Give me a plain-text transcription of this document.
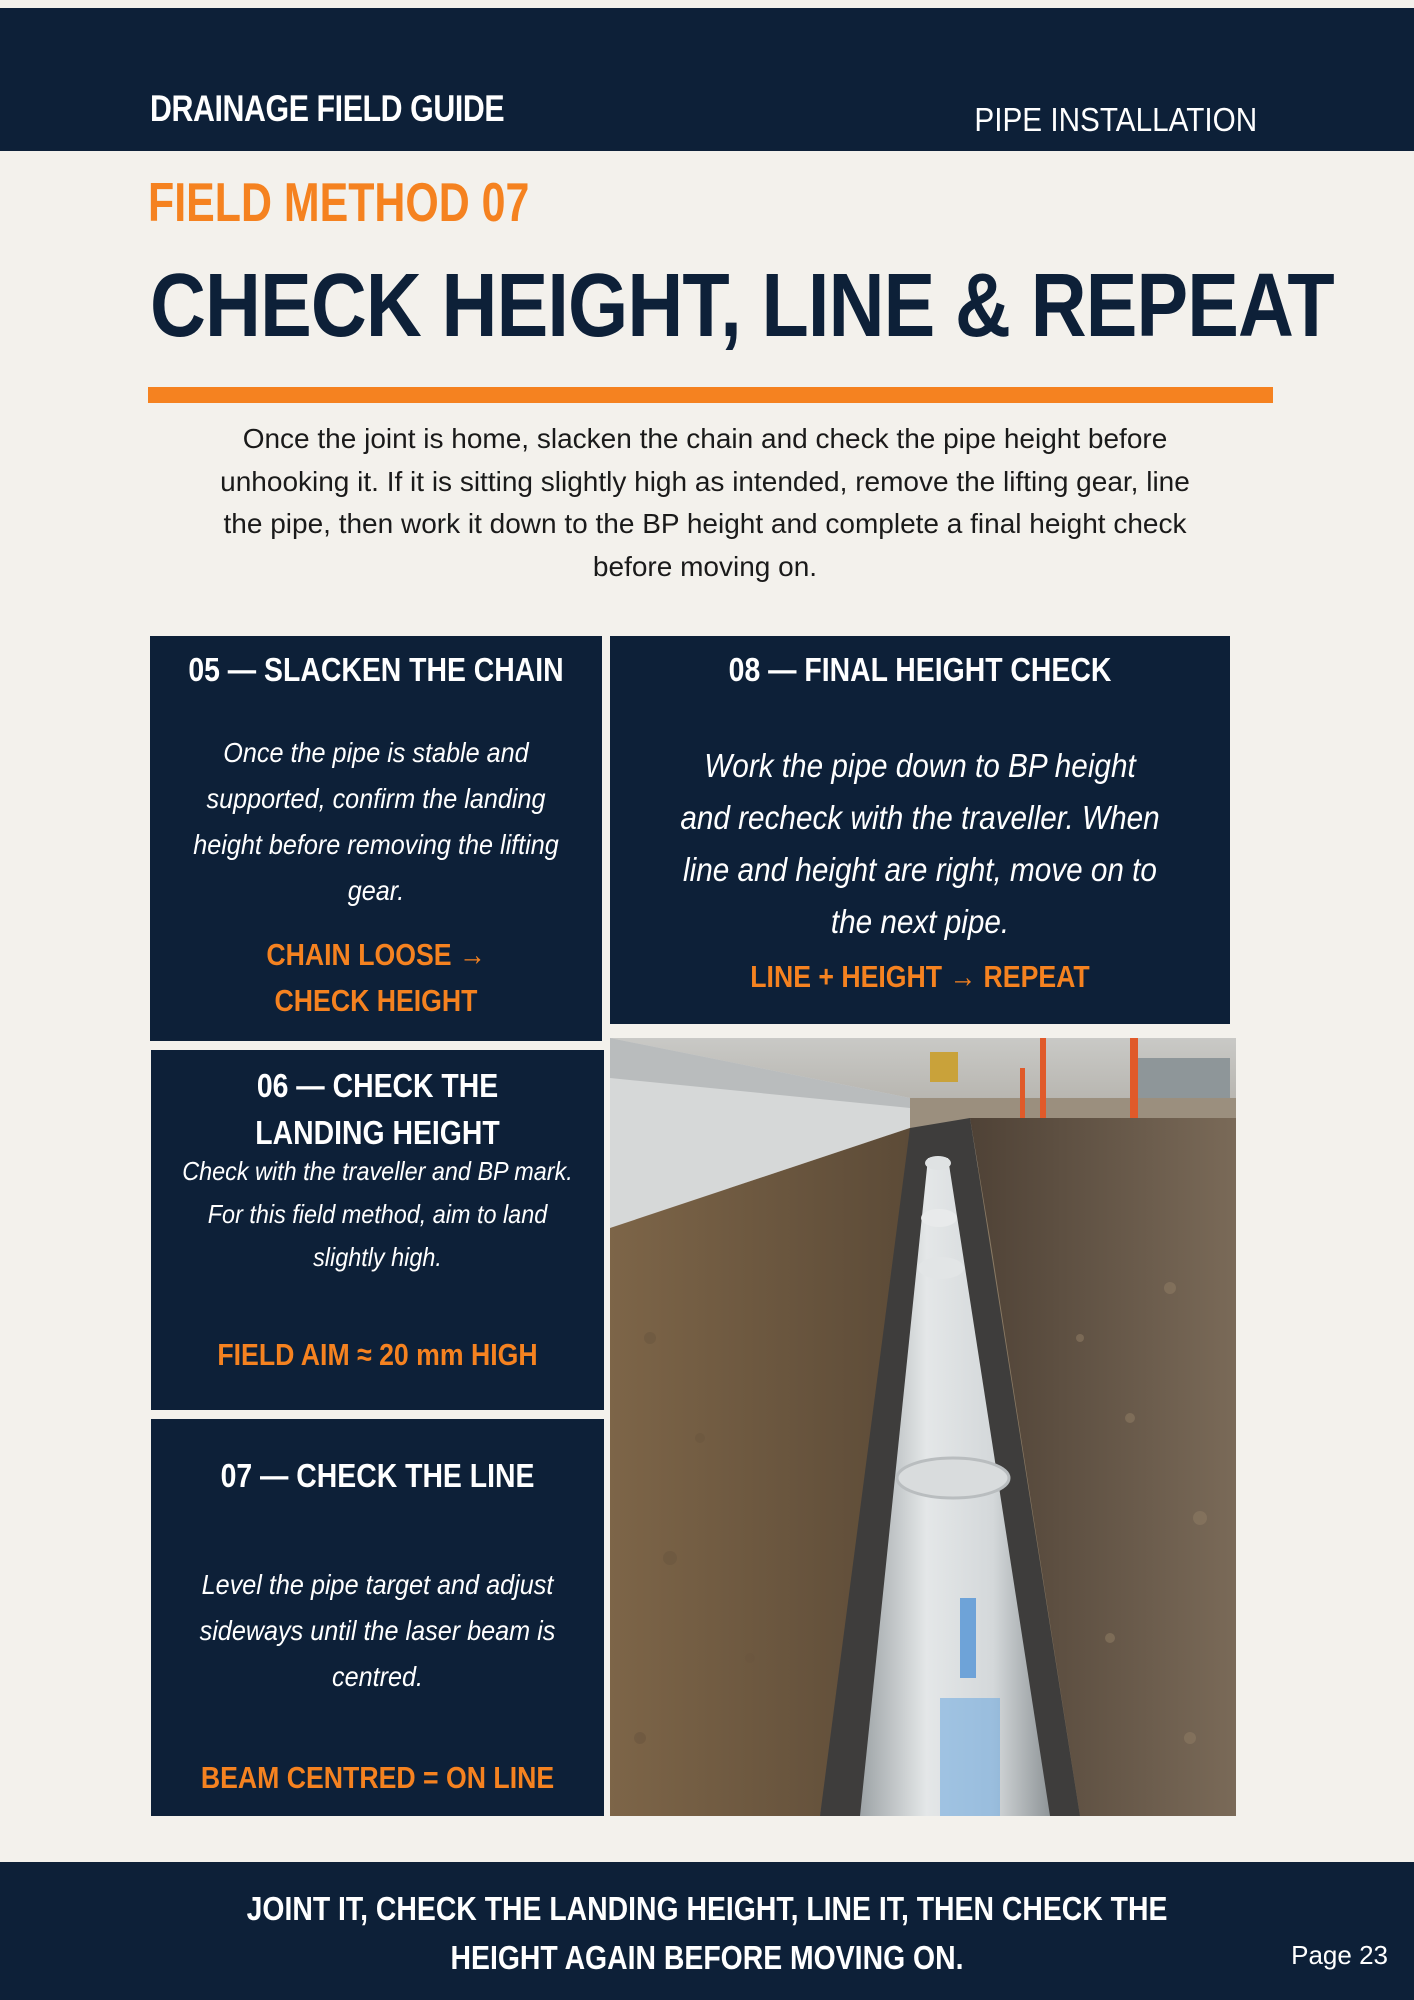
DRAINAGE FIELD GUIDE	PIPE INSTALLATION
FIELD METHOD 07
CHECK HEIGHT, LINE & REPEAT
Once the joint is home, slacken the chain and check the pipe height before unhooking it. If it is sitting slightly high as intended, remove the lifting gear, line the pipe, then work it down to the BP height and complete a final height check before moving on.
05 — SLACKEN THE CHAIN
Once the pipe is stable and supported, confirm the landing height before removing the lifting gear.
CHAIN LOOSE → CHECK HEIGHT
06 — CHECK THE LANDING HEIGHT
Check with the traveller and BP mark. For this field method, aim to land slightly high.
FIELD AIM ≈ 20 mm HIGH
07 — CHECK THE LINE
Level the pipe target and adjust sideways until the laser beam is centred.
BEAM CENTRED = ON LINE
08 — FINAL HEIGHT CHECK
Work the pipe down to BP height and recheck with the traveller. When line and height are right, move on to the next pipe.
LINE + HEIGHT → REPEAT
JOINT IT, CHECK THE LANDING HEIGHT, LINE IT, THEN CHECK THE HEIGHT AGAIN BEFORE MOVING ON.	Page 23
